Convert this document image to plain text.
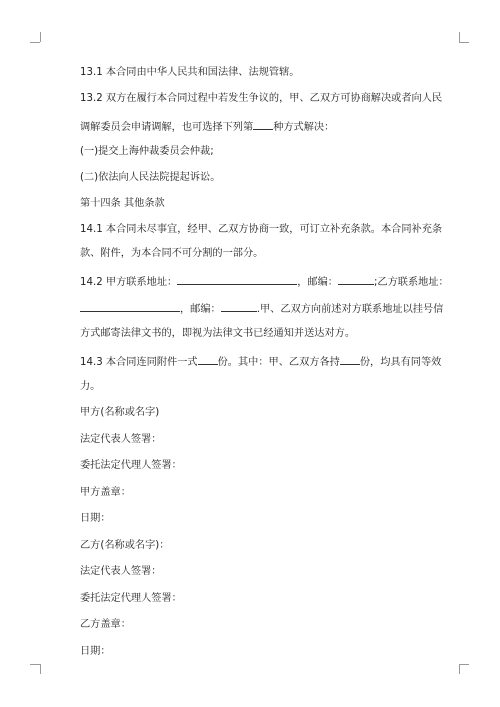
13.1 本合同由中华人民共和国法律、法规管辖。

13.2 双方在履行本合同过程中若发生争议的，甲、乙双方可协商解决或者向人民
调解委员会申请调解，也可选择下列第 种方式解决：

(一)提交上海仲裁委员会仲裁;

(二)依法向人民法院提起诉讼。

第十四条 其他条款

14.1 本合同未尽事宜，经甲、乙双方协商一致，可订立补充条款。本合同补充条
款、附件，为本合同不可分割的一部分。

14.2 甲方联系地址：	，邮编：	;乙方联系地址：
，邮编：	.甲、乙双方向前述对方联系地址以挂号信
方式邮寄法律文书的，即视为法律文书已经通知并送达对方。

14.3 本合同连同附件一式 份。其中：甲、乙双方各持 份，均具有同等效
力。

甲方(名称或名字)

法定代表人签署：

委托法定代理人签署：

甲方盖章：

日期：

乙方(名称或名字)：

法定代表人签署：

委托法定代理人签署：

乙方盖章：

日期：
